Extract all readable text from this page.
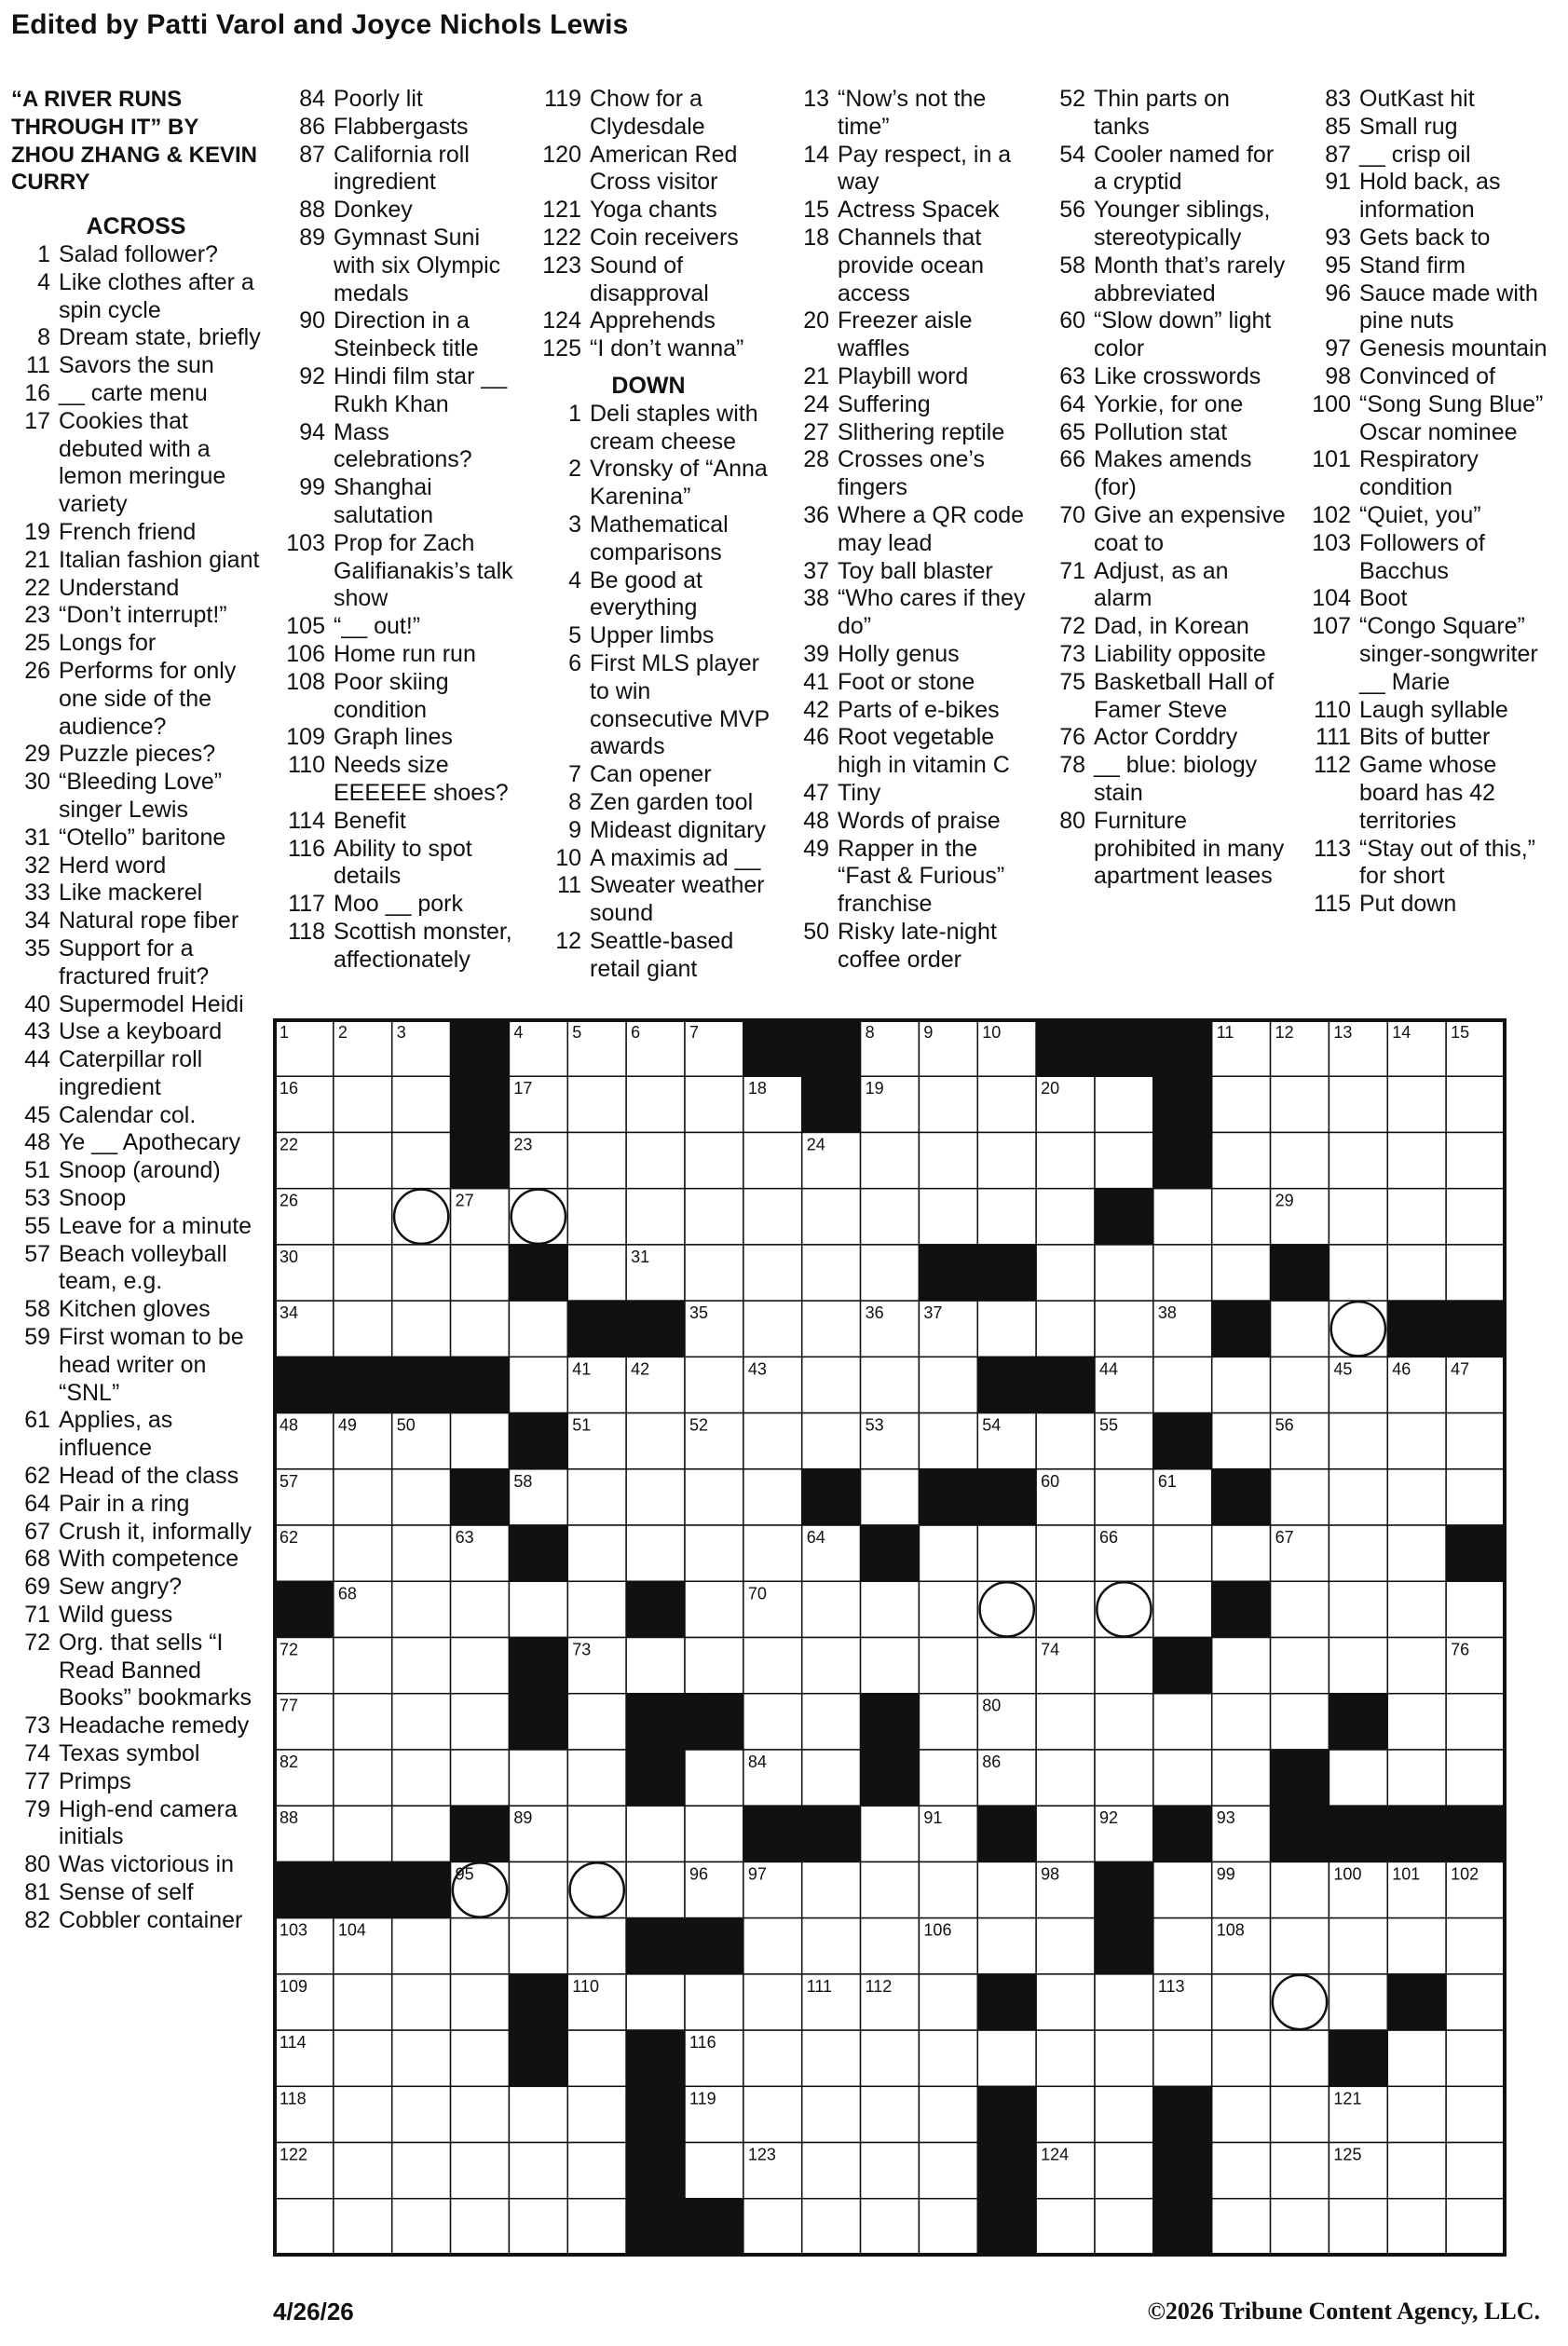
Edited by Patti Varol and Joyce Nichols Lewis
“A RIVER RUNS THROUGH IT” BY ZHOU ZHANG & KEVIN CURRY
ACROSS
1 Salad follower?
4 Like clothes after a spin cycle
8 Dream state, briefly
11 Savors the sun
16 __ carte menu
17 Cookies that debuted with a lemon meringue variety
19 French friend
21 Italian fashion giant
22 Understand
23 “Don’t interrupt!”
25 Longs for
26 Performs for only one side of the audience?
29 Puzzle pieces?
30 “Bleeding Love” singer Lewis
31 “Otello” baritone
32 Herd word
33 Like mackerel
34 Natural rope fiber
35 Support for a fractured fruit?
40 Supermodel Heidi
43 Use a keyboard
44 Caterpillar roll ingredient
45 Calendar col.
48 Ye __ Apothecary
51 Snoop (around)
53 Snoop
55 Leave for a minute
57 Beach volleyball team, e.g.
58 Kitchen gloves
59 First woman to be head writer on “SNL”
61 Applies, as influence
62 Head of the class
64 Pair in a ring
67 Crush it, informally
68 With competence
69 Sew angry?
71 Wild guess
72 Org. that sells “I Read Banned Books” bookmarks
73 Headache remedy
74 Texas symbol
77 Primps
79 High-end camera initials
80 Was victorious in
81 Sense of self
82 Cobbler container
84 Poorly lit
86 Flabbergasts
87 California roll ingredient
88 Donkey
89 Gymnast Suni with six Olympic medals
90 Direction in a Steinbeck title
92 Hindi film star __ Rukh Khan
94 Mass celebrations?
99 Shanghai salutation
103 Prop for Zach Galifianakis’s talk show
105 “__ out!”
106 Home run run
108 Poor skiing condition
109 Graph lines
110 Needs size EEEEEE shoes?
114 Benefit
116 Ability to spot details
117 Moo __ pork
118 Scottish monster, affectionately
119 Chow for a Clydesdale
120 American Red Cross visitor
121 Yoga chants
122 Coin receivers
123 Sound of disapproval
124 Apprehends
125 “I don’t wanna”
DOWN
1 Deli staples with cream cheese
2 Vronsky of “Anna Karenina”
3 Mathematical comparisons
4 Be good at everything
5 Upper limbs
6 First MLS player to win consecutive MVP awards
7 Can opener
8 Zen garden tool
9 Mideast dignitary
10 A maximis ad __
11 Sweater weather sound
12 Seattle-based retail giant
13 “Now’s not the time”
14 Pay respect, in a way
15 Actress Spacek
18 Channels that provide ocean access
20 Freezer aisle waffles
21 Playbill word
24 Suffering
27 Slithering reptile
28 Crosses one’s fingers
36 Where a QR code may lead
37 Toy ball blaster
38 “Who cares if they do”
39 Holly genus
41 Foot or stone
42 Parts of e-bikes
46 Root vegetable high in vitamin C
47 Tiny
48 Words of praise
49 Rapper in the “Fast & Furious” franchise
50 Risky late-night coffee order
52 Thin parts on tanks
54 Cooler named for a cryptid
56 Younger siblings, stereotypically
58 Month that’s rarely abbreviated
60 “Slow down” light color
63 Like crosswords
64 Yorkie, for one
65 Pollution stat
66 Makes amends (for)
70 Give an expensive coat to
71 Adjust, as an alarm
72 Dad, in Korean
73 Liability opposite
75 Basketball Hall of Famer Steve
76 Actor Corddry
78 __ blue: biology stain
80 Furniture prohibited in many apartment leases
83 OutKast hit
85 Small rug
87 __ crisp oil
91 Hold back, as information
93 Gets back to
95 Stand firm
96 Sauce made with pine nuts
97 Genesis mountain
98 Convinced of
100 “Song Sung Blue” Oscar nominee
101 Respiratory condition
102 “Quiet, you”
103 Followers of Bacchus
104 Boot
107 “Congo Square” singer-songwriter __ Marie
110 Laugh syllable
111 Bits of butter
112 Game whose board has 42 territories
113 “Stay out of this,” for short
115 Put down
1	2	3	4	5	6	7	8	9	10	11 12 13 14 15
16	17	18	19	20	21
22	23	24	25
26	27	28	29
30	31	32	33
34	35	36 37	38 39
40	41 42	43	44	45 46 47
48 49 50	51	52	53	54	55	56
57	58	59	60	61
62	63	64 65	66	67
68	69	70	71
72	73	74	75	76
77	78	79	80	81
82	83	84	85	86	87
88	89	90	91	92	93
94 95	96 97	98	99	100 101 102
103 104	105	106	107	108
109	110	111 112	113
114	115	116	117
118	119	120	121
122	123	124	125
4/26/26	©2026 Tribune Content Agency, LLC.
